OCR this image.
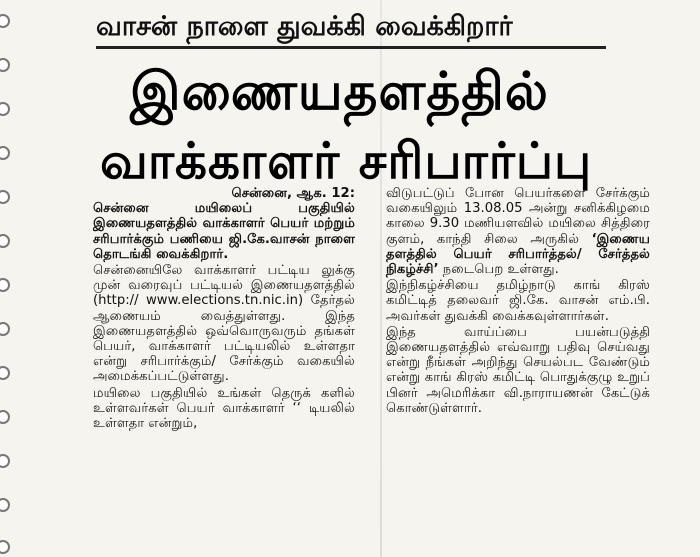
வாசன் நாளை துவக்கி வைக்கிறார்
இணையதளத்தில்
வாக்காளர் சரிபார்ப்பு
சென்னை, ஆக. 12:

சென்னை மயிலைப் பகுதியில் இணையதளத்தில் வாக்காளர் பெயர் மற்றும் சரிபார்க்கும் பணியை ஜி.கே.வாசன் நாளை தொடங்கி வைக்கிறார்.

சென்னையிலே வாக்காளர் பட்டிய லுக்கு முன் வரைவுப் பட்டியல் இணையதளத்தில் (http:// www.elections.tn.nic.in) தேர்தல் ஆணையம் வைத்துள்ளது. இந்த இணையதளத்தில் ஒவ்வொருவரும் தங்கள் பெயர், வாக்காளர் பட்டியலில் உள்ளதா என்று சரிபார்க்கும்/ சேர்க்கும் வகையில் அமைக்கப்பட்டுள்ளது.

மயிலை பகுதியில் உங்கள் தெருக் களில் உள்ளவர்கள் பெயர் வாக்காளர் ‘‘ டியலில் உள்ளதா என்றும்,

விடுபட்டுப் போன பெயர்களை சேர்க்கும் வகையிலும் 13.08.05 அன்று சனிக்கிழமை காலை 9.30 மணியளவில் மயிலை சித்திரை குளம், காந்தி சிலை அருகில் ‘இணைய தளத்தில் பெயர் சரிபார்த்தல்/ சேர்த்தல் நிகழ்ச்சி’ நடைபெற உள்ளது.

இந்நிகழ்ச்சியை தமிழ்நாடு காங் கிரஸ் கமிட்டித் தலைவர் ஜி.கே. வாசன் எம்.பி. அவர்கள் துவக்கி வைக்கவுள்ளார்கள்.

இந்த வாய்ப்பை பயன்படுத்தி இணையதளத்தில் எவ்வாறு பதிவு செய்வது என்று நீங்கள் அறிந்து செயல்பட வேண்டும் என்று காங் கிரஸ் கமிட்டி பொதுக்குழு உறுப் பினர் அமெரிக்கா வி.நாராயணன் கேட்டுக் கொண்டுள்ளார்.
